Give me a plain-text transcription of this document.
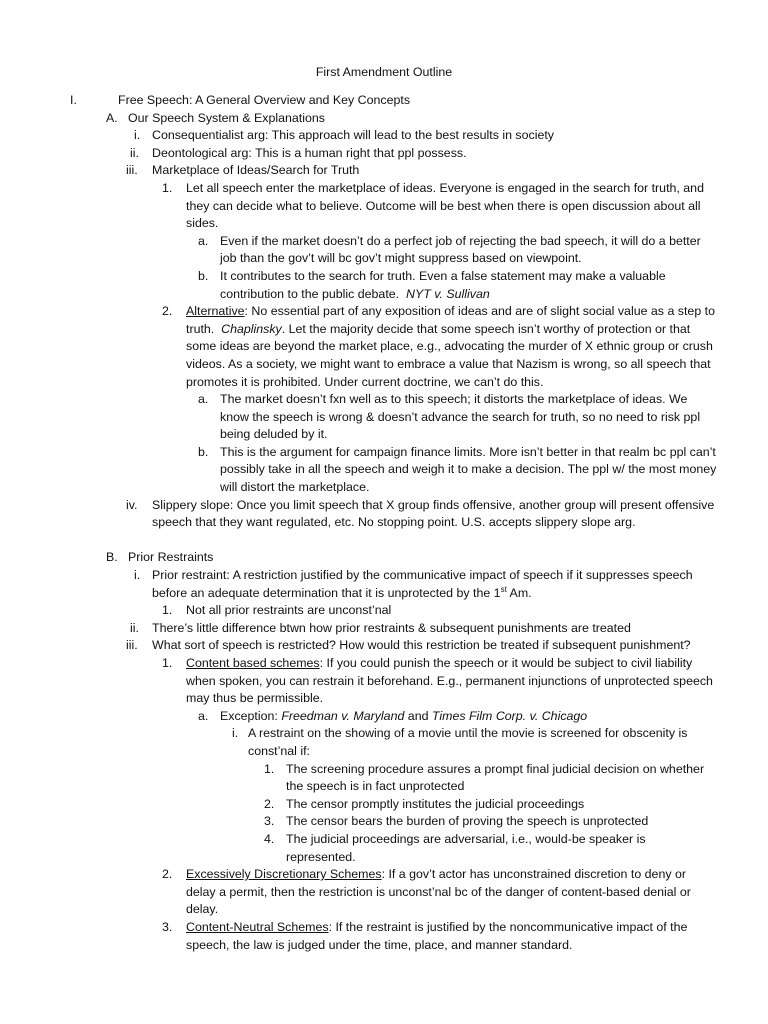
First Amendment Outline
I.	Free Speech: A General Overview and Key Concepts
A. Our Speech System & Explanations
i. Consequentialist arg: This approach will lead to the best results in society
ii. Deontological arg: This is a human right that ppl possess.
iii. Marketplace of Ideas/Search for Truth
1. Let all speech enter the marketplace of ideas. Everyone is engaged in the search for truth, and they can decide what to believe. Outcome will be best when there is open discussion about all sides.
a. Even if the market doesn’t do a perfect job of rejecting the bad speech, it will do a better job than the gov’t will bc gov’t might suppress based on viewpoint.
b. It contributes to the search for truth. Even a false statement may make a valuable contribution to the public debate. NYT v. Sullivan
2. Alternative: No essential part of any exposition of ideas and are of slight social value as a step to truth. Chaplinsky. Let the majority decide that some speech isn’t worthy of protection or that some ideas are beyond the market place, e.g., advocating the murder of X ethnic group or crush videos. As a society, we might want to embrace a value that Nazism is wrong, so all speech that promotes it is prohibited. Under current doctrine, we can’t do this.
a. The market doesn’t fxn well as to this speech; it distorts the marketplace of ideas. We know the speech is wrong & doesn’t advance the search for truth, so no need to risk ppl being deluded by it.
b. This is the argument for campaign finance limits. More isn’t better in that realm bc ppl can’t possibly take in all the speech and weigh it to make a decision. The ppl w/ the most money will distort the marketplace.
iv. Slippery slope: Once you limit speech that X group finds offensive, another group will present offensive speech that they want regulated, etc. No stopping point. U.S. accepts slippery slope arg.
B. Prior Restraints
i. Prior restraint: A restriction justified by the communicative impact of speech if it suppresses speech before an adequate determination that it is unprotected by the 1st Am.
1. Not all prior restraints are unconst’nal
ii. There’s little difference btwn how prior restraints & subsequent punishments are treated
iii. What sort of speech is restricted? How would this restriction be treated if subsequent punishment?
1. Content based schemes: If you could punish the speech or it would be subject to civil liability when spoken, you can restrain it beforehand. E.g., permanent injunctions of unprotected speech may thus be permissible.
a. Exception: Freedman v. Maryland and Times Film Corp. v. Chicago
i. A restraint on the showing of a movie until the movie is screened for obscenity is const’nal if:
1. The screening procedure assures a prompt final judicial decision on whether the speech is in fact unprotected
2. The censor promptly institutes the judicial proceedings
3. The censor bears the burden of proving the speech is unprotected
4. The judicial proceedings are adversarial, i.e., would-be speaker is represented.
2. Excessively Discretionary Schemes: If a gov’t actor has unconstrained discretion to deny or delay a permit, then the restriction is unconst’nal bc of the danger of content-based denial or delay.
3. Content-Neutral Schemes: If the restraint is justified by the noncommunicative impact of the speech, the law is judged under the time, place, and manner standard.
